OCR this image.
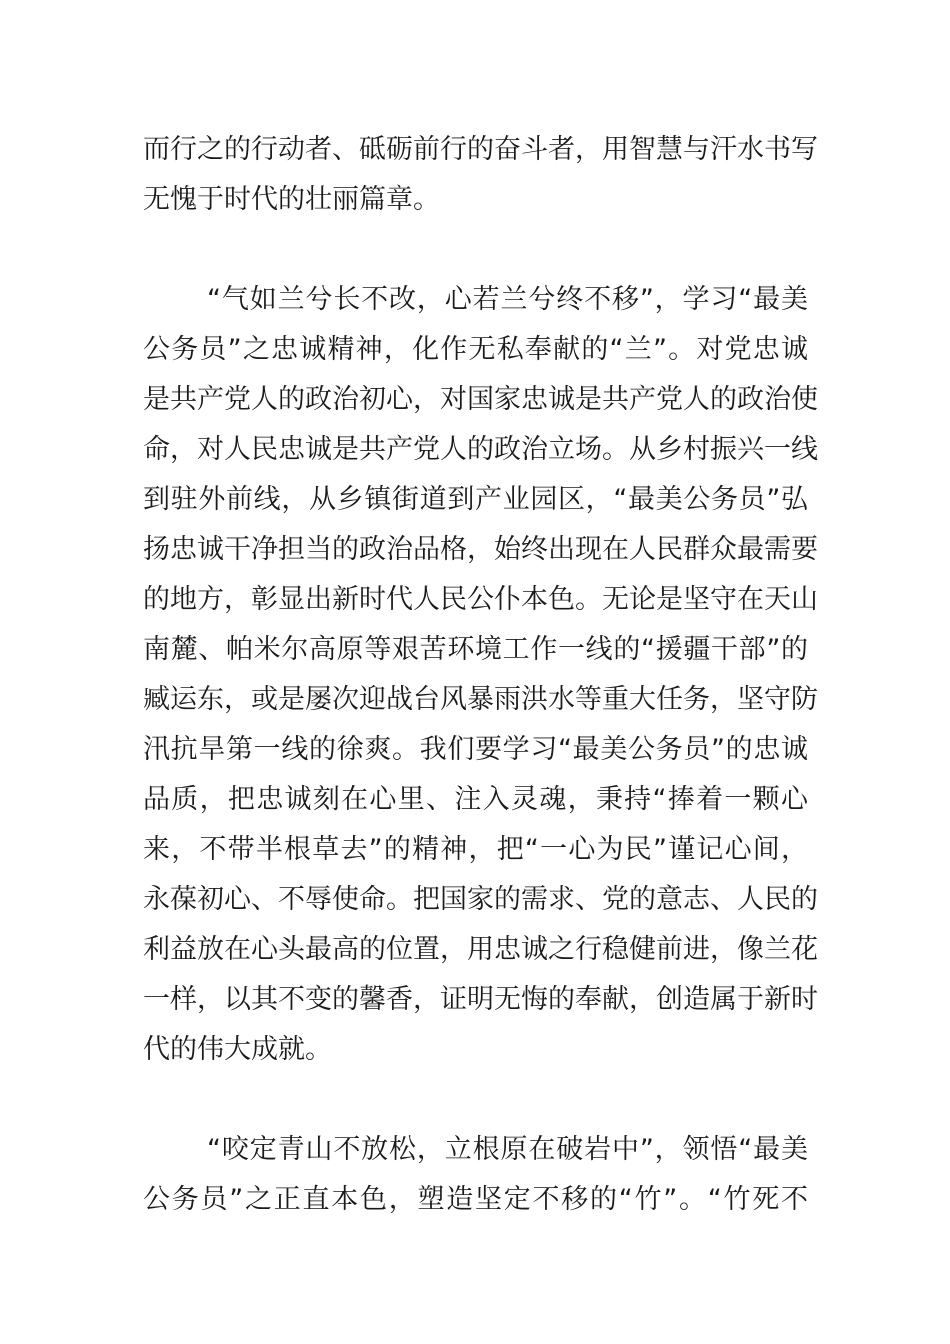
而行之的行动者、砥砺前行的奋斗者，用智慧与汗水书写
无愧于时代的壮丽篇章。
“气如兰兮长不改，心若兰兮终不移”，学习“最美
公务员”之忠诚精神，化作无私奉献的“兰”。对党忠诚
是共产党人的政治初心，对国家忠诚是共产党人的政治使
命，对人民忠诚是共产党人的政治立场。从乡村振兴一线
到驻外前线，从乡镇街道到产业园区，“最美公务员”弘
扬忠诚干净担当的政治品格，始终出现在人民群众最需要
的地方，彰显出新时代人民公仆本色。无论是坚守在天山
南麓、帕米尔高原等艰苦环境工作一线的“援疆干部”的
臧运东，或是屡次迎战台风暴雨洪水等重大任务，坚守防
汛抗旱第一线的徐爽。我们要学习“最美公务员”的忠诚
品质，把忠诚刻在心里、注入灵魂，秉持“捧着一颗心
来，不带半根草去”的精神，把“一心为民”谨记心间，
永葆初心、不辱使命。把国家的需求、党的意志、人民的
利益放在心头最高的位置，用忠诚之行稳健前进，像兰花
一样，以其不变的馨香，证明无悔的奉献，创造属于新时
代的伟大成就。
“咬定青山不放松，立根原在破岩中”，领悟“最美
公务员”之正直本色，塑造坚定不移的“竹”。“竹死不
